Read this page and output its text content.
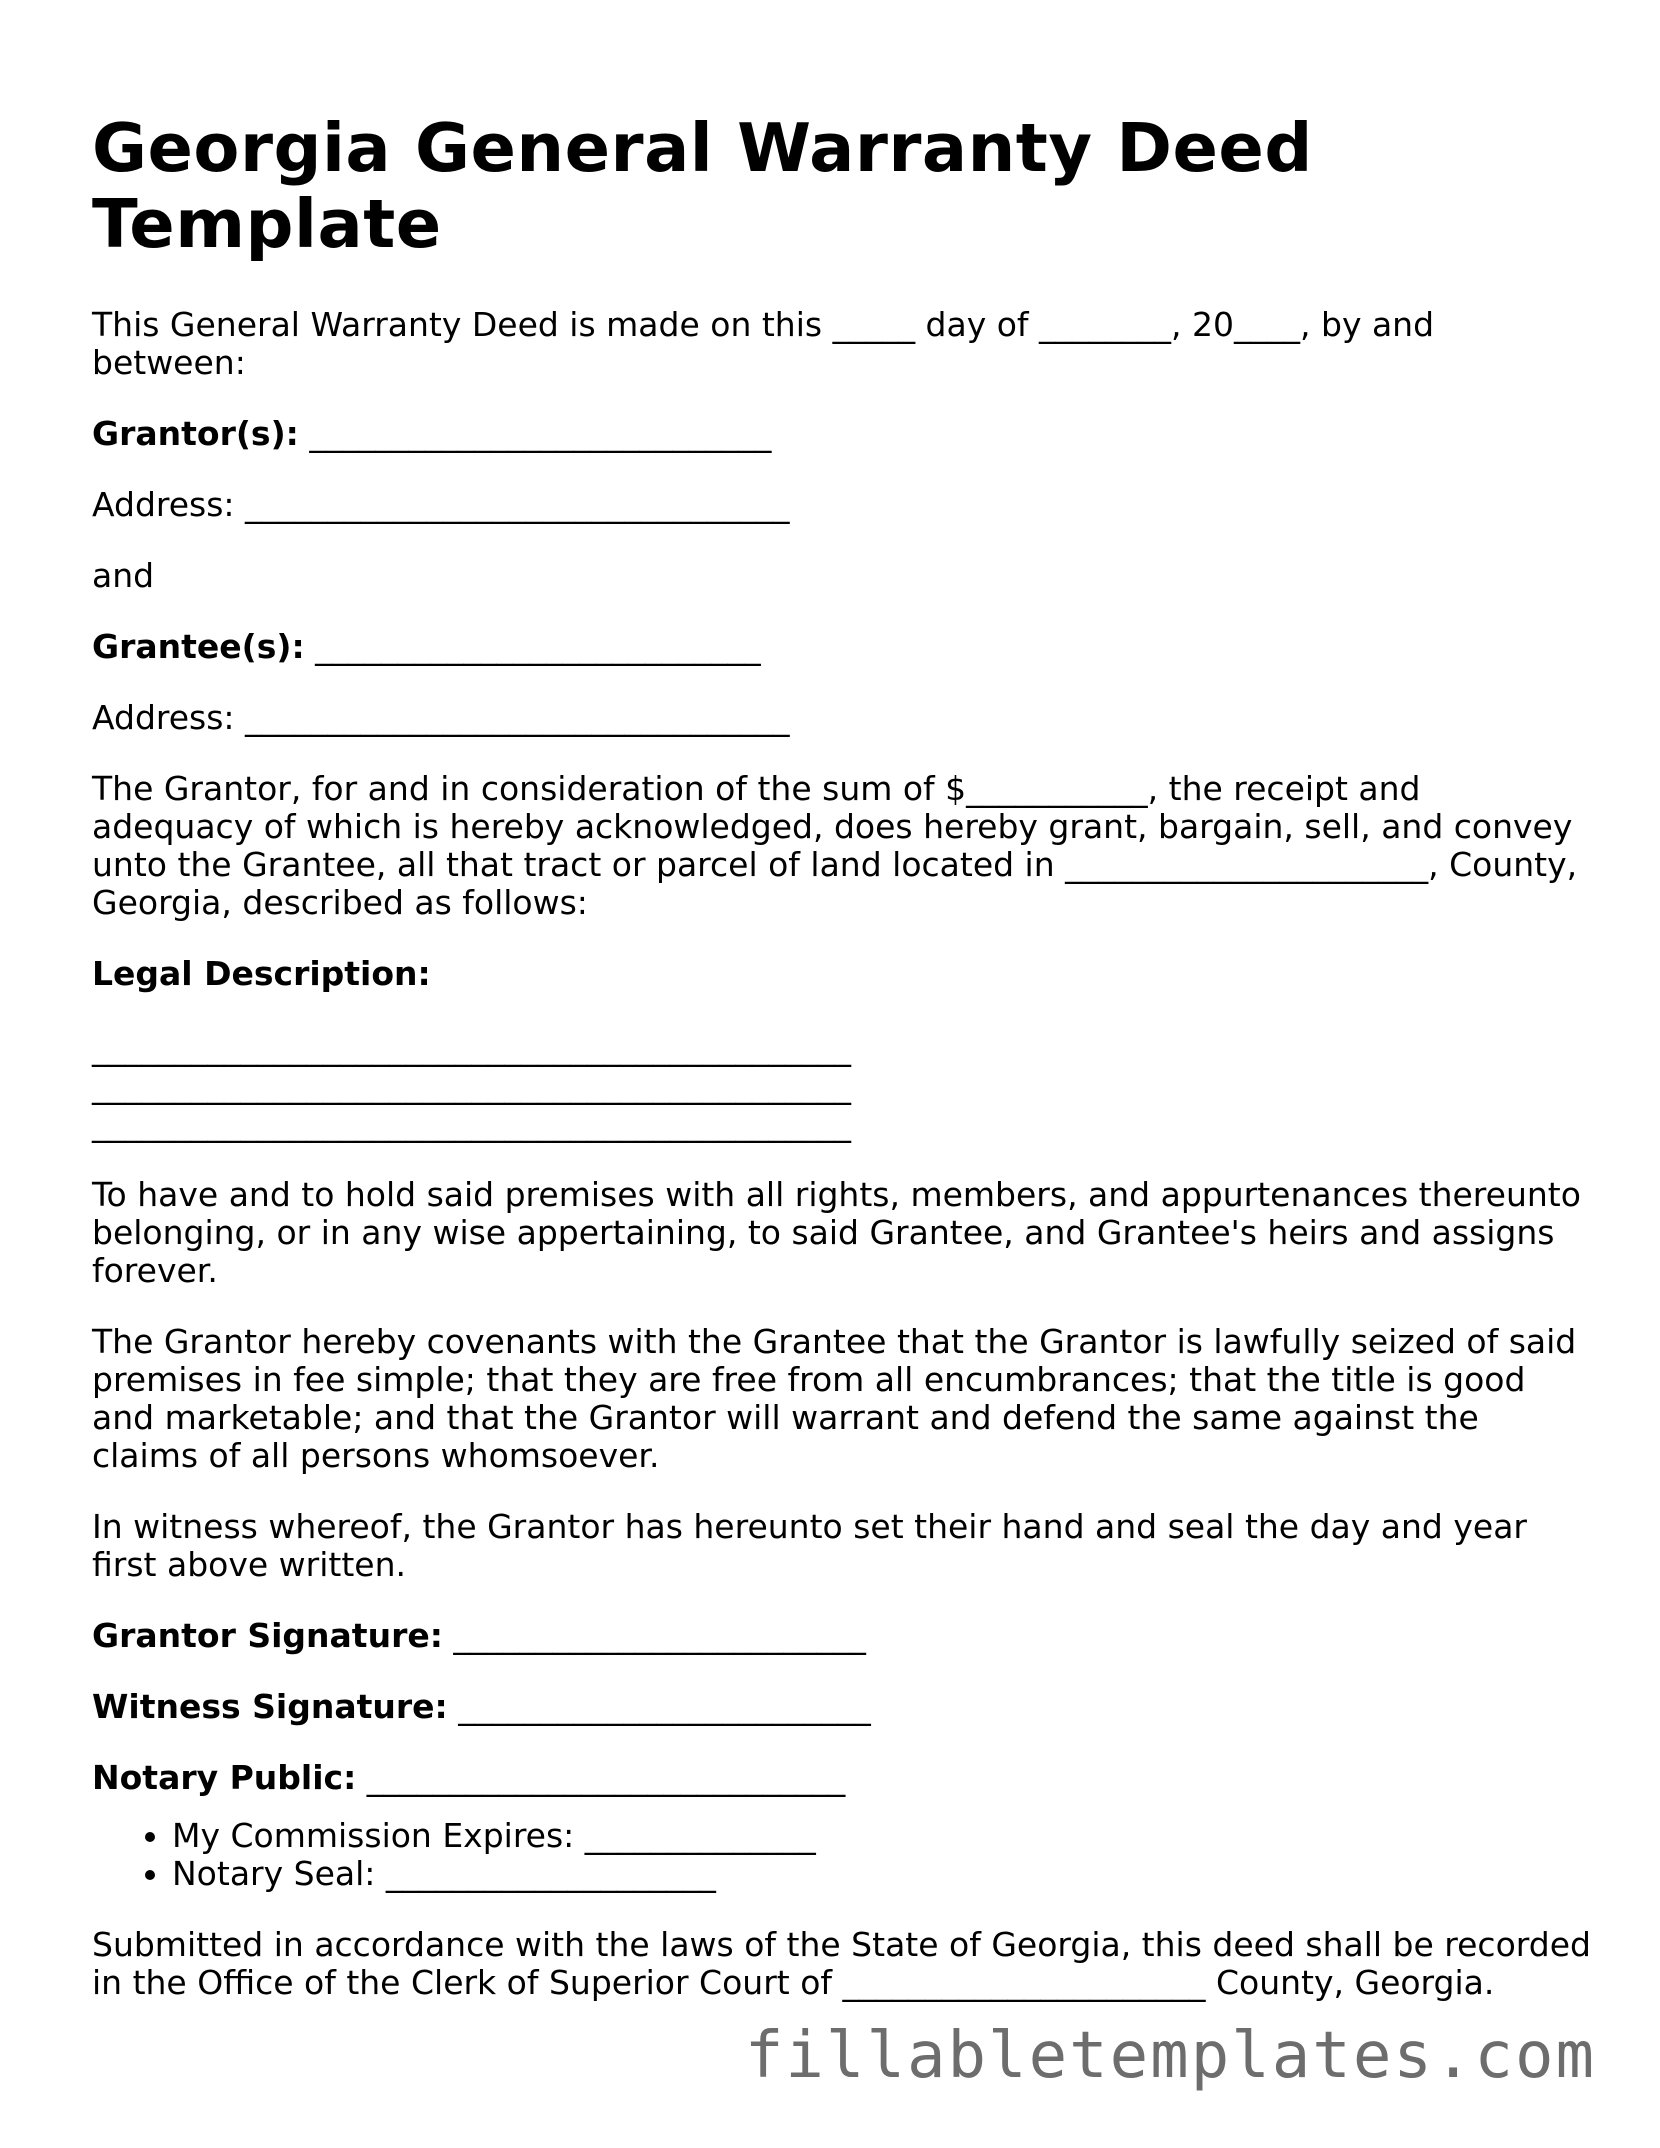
Georgia General Warranty Deed Template

This General Warranty Deed is made on this _____ day of ________, 20____, by and between:

Grantor(s): ____________________________

Address: _________________________________

and

Grantee(s): ___________________________

Address: _________________________________

The Grantor, for and in consideration of the sum of $___________, the receipt and adequacy of which is hereby acknowledged, does hereby grant, bargain, sell, and convey unto the Grantee, all that tract or parcel of land located in ______________________, County, Georgia, described as follows:

Legal Description:

______________________________________________
______________________________________________
______________________________________________

To have and to hold said premises with all rights, members, and appurtenances thereunto belonging, or in any wise appertaining, to said Grantee, and Grantee's heirs and assigns forever.

The Grantor hereby covenants with the Grantee that the Grantor is lawfully seized of said premises in fee simple; that they are free from all encumbrances; that the title is good and marketable; and that the Grantor will warrant and defend the same against the claims of all persons whomsoever.

In witness whereof, the Grantor has hereunto set their hand and seal the day and year first above written.

Grantor Signature: _________________________

Witness Signature: _________________________

Notary Public: _____________________________

• My Commission Expires: ______________
• Notary Seal: ____________________

Submitted in accordance with the laws of the State of Georgia, this deed shall be recorded in the Office of the Clerk of Superior Court of ______________________ County, Georgia.

fillabletemplates.com
